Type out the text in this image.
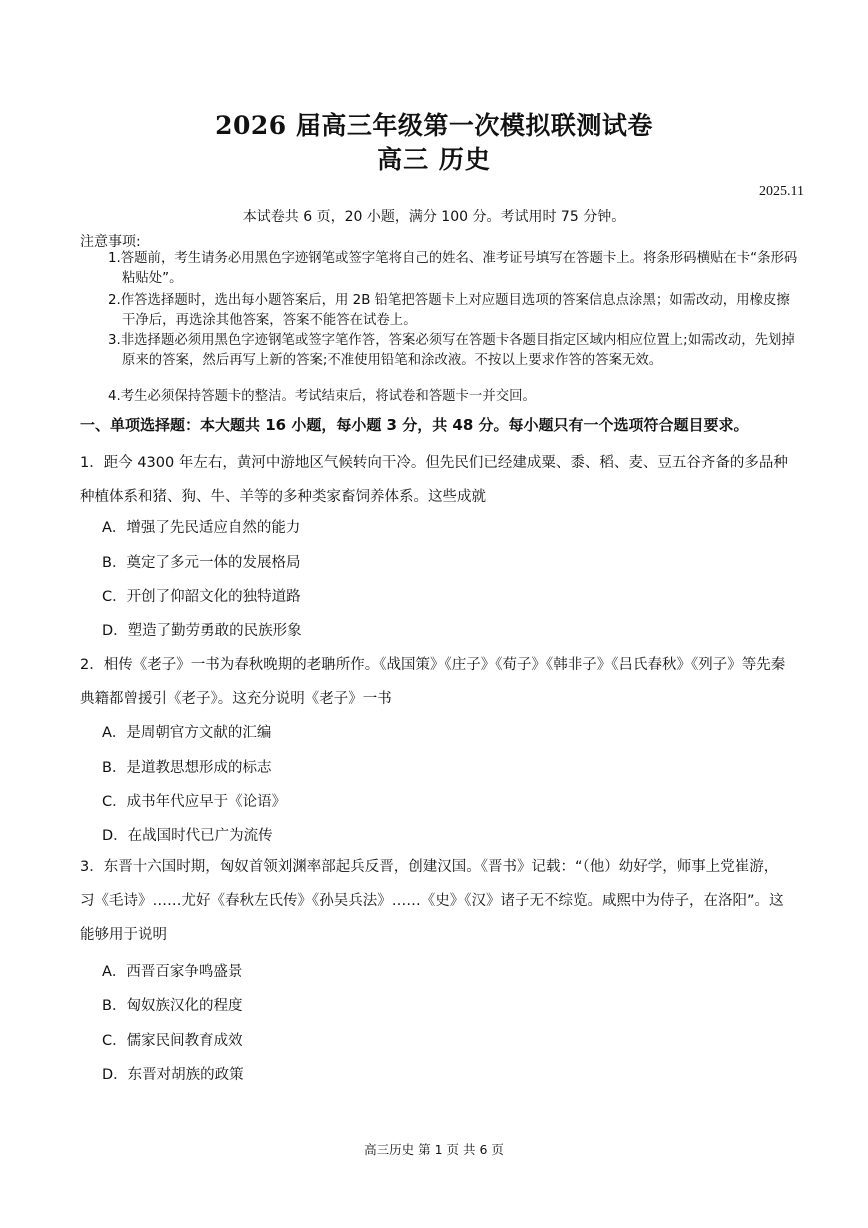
2026 届高三年级第一次模拟联测试卷
高三 历史
2025.11
本试卷共 6 页，20 小题，满分 100 分。考试用时 75 分钟。
注意事项:
1.答题前，考生请务必用黑色字迹钢笔或签字笔将自己的姓名、准考证号填写在答题卡上。将条形码横贴在卡“条形码粘贴处”。
2.作答选择题时，选出每小题答案后，用 2B 铅笔把答题卡上对应题目选项的答案信息点涂黑；如需改动，用橡皮擦干净后，再选涂其他答案，答案不能答在试卷上。
3.非选择题必须用黑色字迹钢笔或签字笔作答，答案必须写在答题卡各题目指定区域内相应位置上;如需改动，先划掉原来的答案，然后再写上新的答案;不准使用铅笔和涂改液。不按以上要求作答的答案无效。
4.考生必须保持答题卡的整洁。考试结束后，将试卷和答题卡一并交回。
一、单项选择题：本大题共 16 小题，每小题 3 分，共 48 分。每小题只有一个选项符合题目要求。
1．距今 4300 年左右，黄河中游地区气候转向干冷。但先民们已经建成粟、黍、稻、麦、豆五谷齐备的多品种种植体系和猪、狗、牛、羊等的多种类家畜饲养体系。这些成就
A．增强了先民适应自然的能力
B．奠定了多元一体的发展格局
C．开创了仰韶文化的独特道路
D．塑造了勤劳勇敢的民族形象
2．相传《老子》一书为春秋晚期的老聃所作。《战国策》《庄子》《荀子》《韩非子》《吕氏春秋》《列子》等先秦典籍都曾援引《老子》。这充分说明《老子》一书
A．是周朝官方文献的汇编
B．是道教思想形成的标志
C．成书年代应早于《论语》
D．在战国时代已广为流传
3．东晋十六国时期，匈奴首领刘渊率部起兵反晋，创建汉国。《晋书》记载：“（他）幼好学，师事上党崔游，习《毛诗》……尤好《春秋左氏传》《孙吴兵法》……《史》《汉》诸子无不综览。咸熙中为侍子，在洛阳”。这能够用于说明
A．西晋百家争鸣盛景
B．匈奴族汉化的程度
C．儒家民间教育成效
D．东晋对胡族的政策
高三历史 第 1 页 共 6 页
